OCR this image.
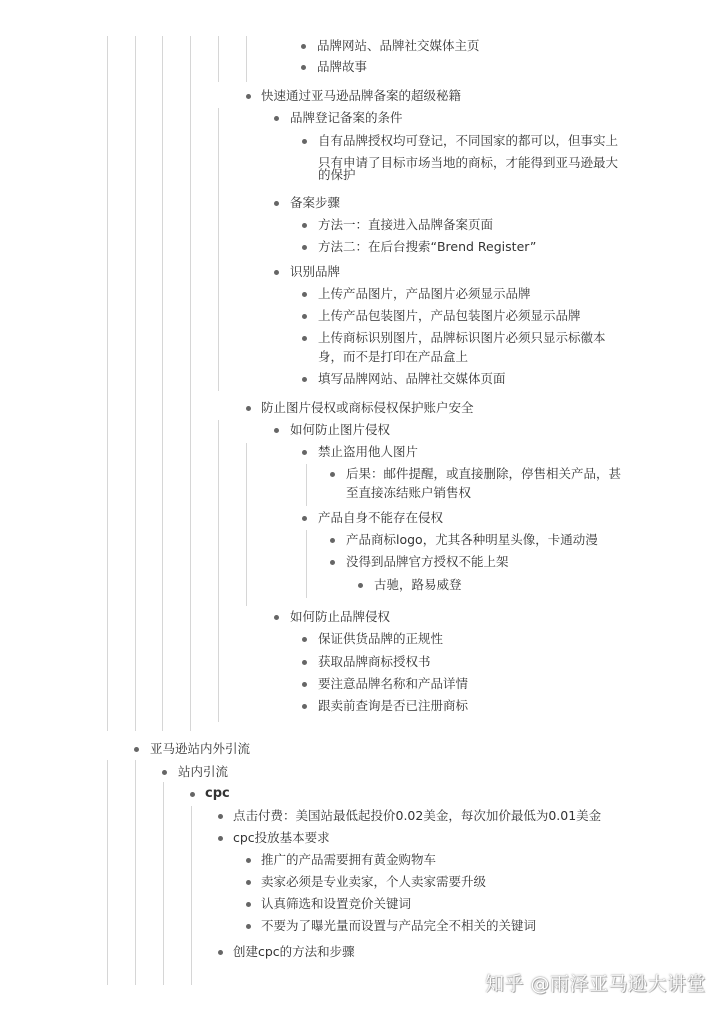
品牌网站、品牌社交媒体主页
品牌故事
快速通过亚马逊品牌备案的超级秘籍
品牌登记备案的条件
自有品牌授权均可登记，不同国家的都可以，但事实上
只有申请了目标市场当地的商标，才能得到亚马逊最大
的保护
备案步骤
方法一：直接进入品牌备案页面
方法二：在后台搜索“Brend Register”
识别品牌
上传产品图片，产品图片必须显示品牌
上传产品包装图片，产品包装图片必须显示品牌
上传商标识别图片，品牌标识图片必须只显示标徽本
身，而不是打印在产品盒上
填写品牌网站、品牌社交媒体页面
防止图片侵权或商标侵权保护账户安全
如何防止图片侵权
禁止盗用他人图片
后果：邮件提醒，或直接删除，停售相关产品，甚
至直接冻结账户销售权
产品自身不能存在侵权
产品商标logo，尤其各种明星头像，卡通动漫
没得到品牌官方授权不能上架
古驰，路易威登
如何防止品牌侵权
保证供货品牌的正规性
获取品牌商标授权书
要注意品牌名称和产品详情
跟卖前查询是否已注册商标
亚马逊站内外引流
站内引流
cpc
点击付费：美国站最低起投价0.02美金，每次加价最低为0.01美金
cpc投放基本要求
推广的产品需要拥有黄金购物车
卖家必须是专业卖家，个人卖家需要升级
认真筛选和设置竞价关键词
不要为了曝光量而设置与产品完全不相关的关键词
创建cpc的方法和步骤
知乎 @雨泽亚马逊大讲堂
